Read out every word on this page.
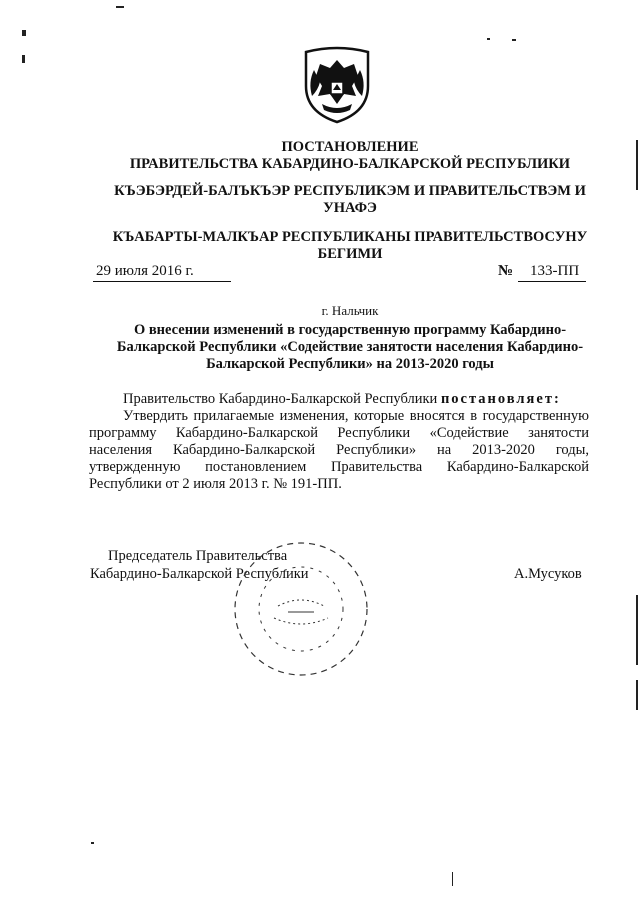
ПОСТАНОВЛЕНИЕ
ПРАВИТЕЛЬСТВА КАБАРДИНО-БАЛКАРСКОЙ РЕСПУБЛИКИ
КЪЭБЭРДЕЙ-БАЛЪКЪЭР РЕСПУБЛИКЭМ И ПРАВИТЕЛЬСТВЭМ И
УНАФЭ
КЪАБАРТЫ-МАЛКЪАР РЕСПУБЛИКАНЫ ПРАВИТЕЛЬСТВОСУНУ
БЕГИМИ
29 июля 2016 г.	№ 133-ПП
г. Нальчик
О внесении изменений в государственную программу Кабардино-Балкарской Республики «Содействие занятости населения Кабардино-Балкарской Республики» на 2013-2020 годы
Правительство Кабардино-Балкарской Республики постановляет:
Утвердить прилагаемые изменения, которые вносятся в государственную программу Кабардино-Балкарской Республики «Содействие занятости населения Кабардино-Балкарской Республики» на 2013-2020 годы, утвержденную постановлением Правительства Кабардино-Балкарской Республики от 2 июля 2013 г. № 191-ПП.
Председатель Правительства
Кабардино-Балкарской Республики	А.Мусуков
